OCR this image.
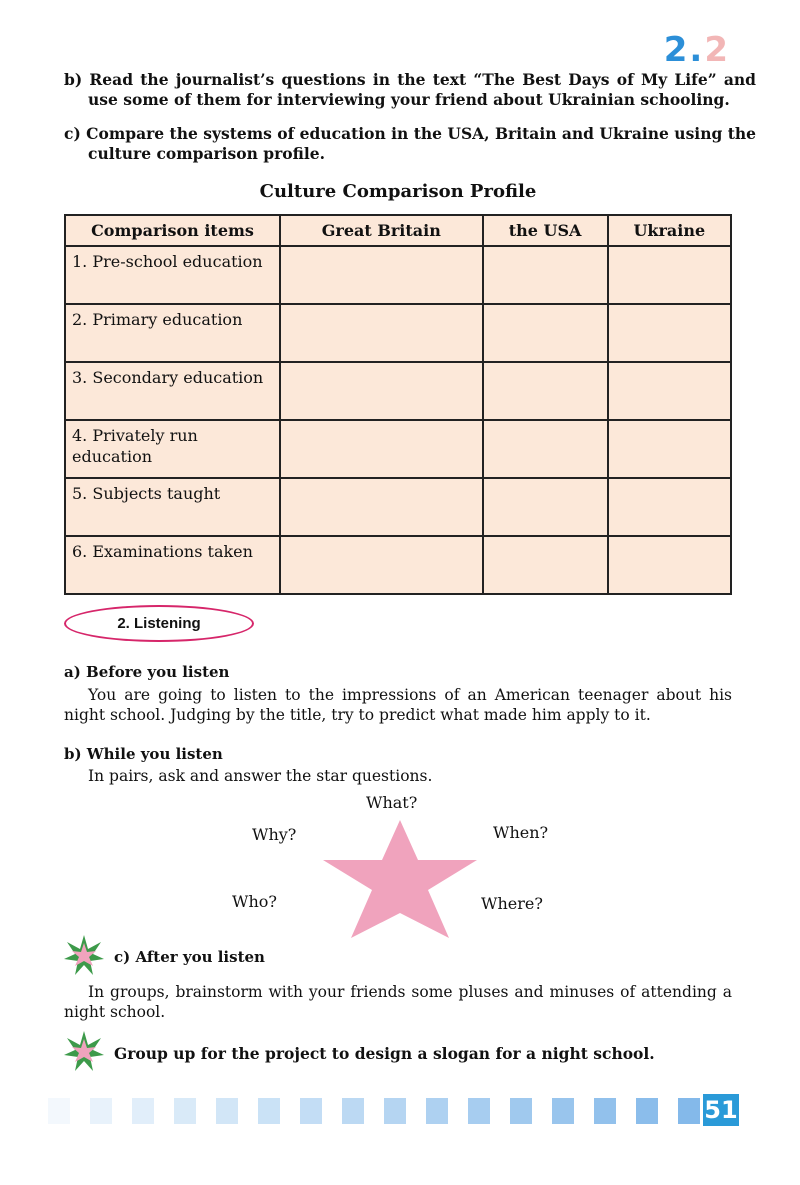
2.2
b) Read the journalist’s questions in the text “The Best Days of My Life” and use some of them for interviewing your friend about Ukrainian schooling.
c) Compare the systems of education in the USA, Britain and Ukraine using the culture comparison profile.
Culture Comparison Profile
Comparison items	Great Britain	the USA	Ukraine
1. Pre-school education			
2. Primary education			
3. Secondary education			
4. Privately run education			
5. Subjects taught			
6. Examinations taken			
2. Listening
a) Before you listen
You are going to listen to the impressions of an American teenager about his night school. Judging by the title, try to predict what made him apply to it.
b) While you listen
In pairs, ask and answer the star questions.
What?
Why?	When?
Who?	Where?
c) After you listen
In groups, brainstorm with your friends some pluses and minuses of attending a night school.
Group up for the project to design a slogan for a night school.
51
